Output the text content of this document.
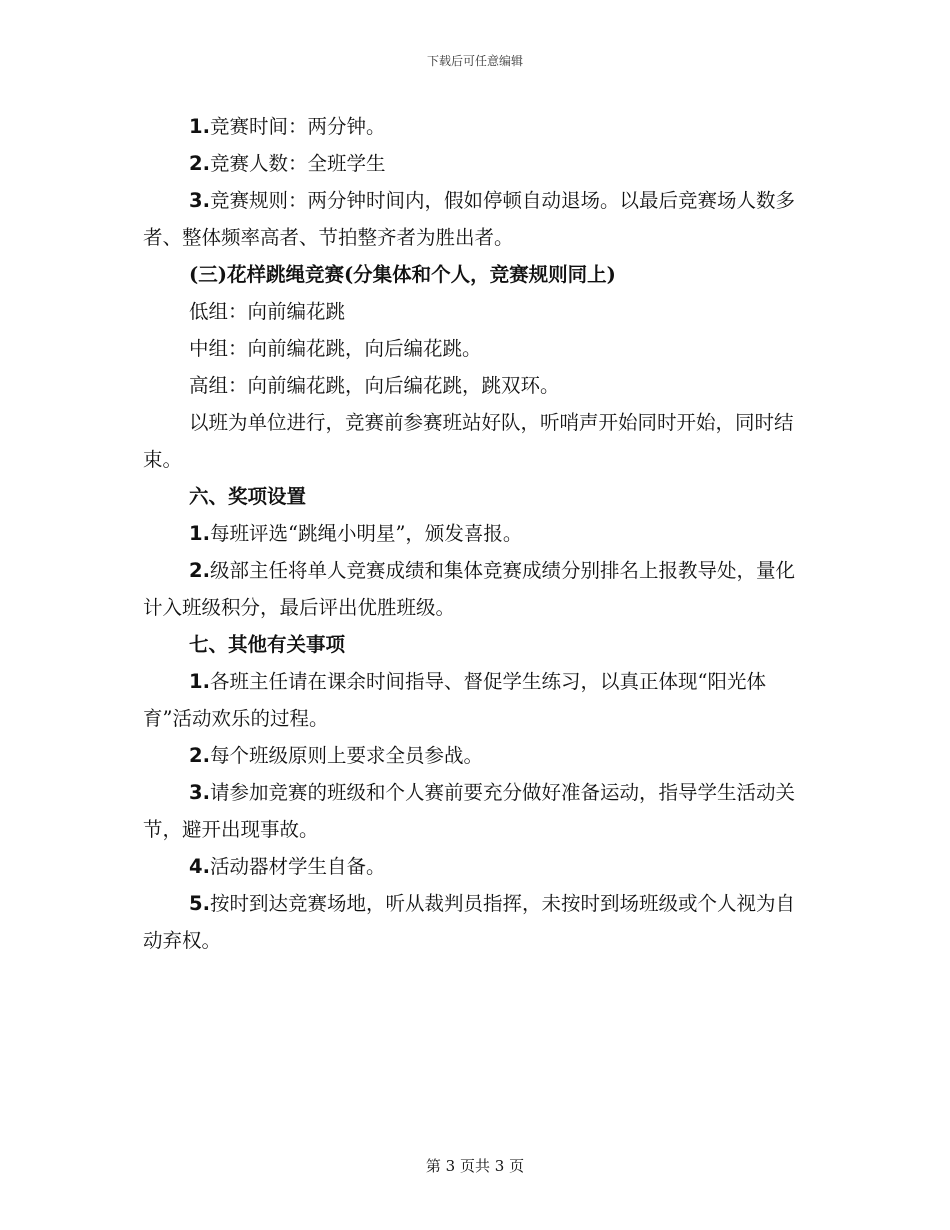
下载后可任意编辑

1.竞赛时间：两分钟。

2.竞赛人数：全班学生

3.竞赛规则：两分钟时间内，假如停顿自动退场。以最后竞赛场人数多者、整体频率高者、节拍整齐者为胜出者。

(三)花样跳绳竞赛(分集体和个人，竞赛规则同上)

低组：向前编花跳

中组：向前编花跳，向后编花跳。

高组：向前编花跳，向后编花跳，跳双环。

以班为单位进行，竞赛前参赛班站好队，听哨声开始同时开始，同时结束。

六、奖项设置

1.每班评选“跳绳小明星”，颁发喜报。

2.级部主任将单人竞赛成绩和集体竞赛成绩分别排名上报教导处，量化计入班级积分，最后评出优胜班级。

七、其他有关事项

1.各班主任请在课余时间指导、督促学生练习，以真正体现“阳光体育”活动欢乐的过程。

2.每个班级原则上要求全员参战。

3.请参加竞赛的班级和个人赛前要充分做好准备运动，指导学生活动关节，避开出现事故。

4.活动器材学生自备。

5.按时到达竞赛场地，听从裁判员指挥，未按时到场班级或个人视为自动弃权。

第 3 页共 3 页
